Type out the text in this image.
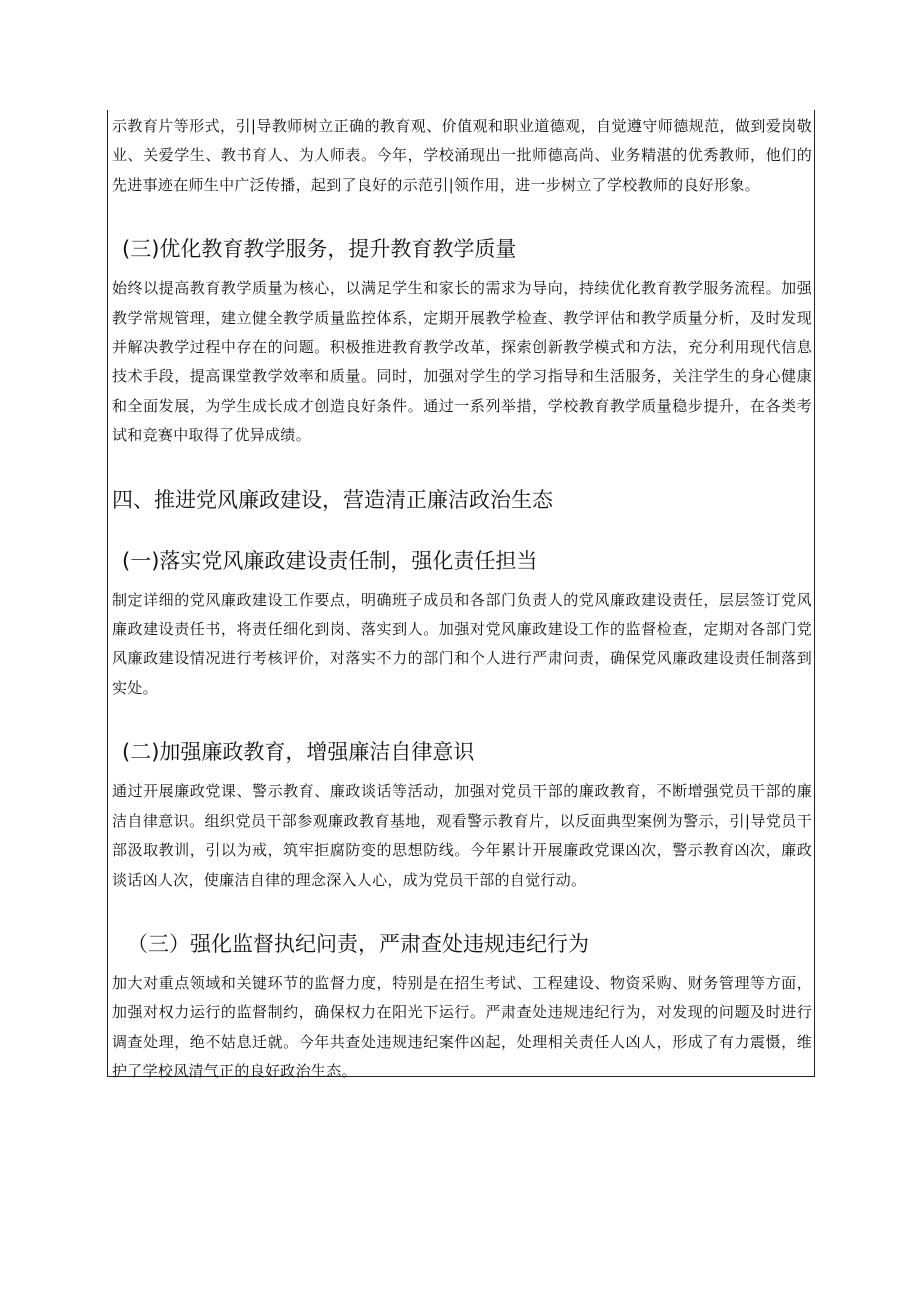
示教育片等形式，引|导教师树立正确的教育观、价值观和职业道德观，自觉遵守师德规范，做到爱岗敬业、关爱学生、教书育人、为人师表。今年，学校涌现出一批师德高尚、业务精湛的优秀教师，他们的先进事迹在师生中广泛传播，起到了良好的示范引|领作用，进一步树立了学校教师的良好形象。

(三)优化教育教学服务，提升教育教学质量

始终以提高教育教学质量为核心，以满足学生和家长的需求为导向，持续优化教育教学服务流程。加强教学常规管理，建立健全教学质量监控体系，定期开展教学检查、教学评估和教学质量分析，及时发现并解决教学过程中存在的问题。积极推进教育教学改革，探索创新教学模式和方法，充分利用现代信息技术手段，提高课堂教学效率和质量。同时，加强对学生的学习指导和生活服务，关注学生的身心健康和全面发展，为学生成长成才创造良好条件。通过一系列举措，学校教育教学质量稳步提升，在各类考试和竞赛中取得了优异成绩。

四、推进党风廉政建设，营造清正廉洁政治生态

(一)落实党风廉政建设责任制，强化责任担当

制定详细的党风廉政建设工作要点，明确班子成员和各部门负责人的党风廉政建设责任，层层签订党风廉政建设责任书，将责任细化到岗、落实到人。加强对党风廉政建设工作的监督检查，定期对各部门党风廉政建设情况进行考核评价，对落实不力的部门和个人进行严肃问责，确保党风廉政建设责任制落到实处。

(二)加强廉政教育，增强廉洁自律意识

通过开展廉政党课、警示教育、廉政谈话等活动，加强对党员干部的廉政教育，不断增强党员干部的廉洁自律意识。组织党员干部参观廉政教育基地，观看警示教育片，以反面典型案例为警示，引|导党员干部汲取教训，引以为戒，筑牢拒腐防变的思想防线。今年累计开展廉政党课凶次，警示教育凶次，廉政谈话凶人次，使廉洁自律的理念深入人心，成为党员干部的自觉行动。

（三）强化监督执纪问责，严肃查处违规违纪行为

加大对重点领域和关键环节的监督力度，特别是在招生考试、工程建设、物资采购、财务管理等方面，加强对权力运行的监督制约，确保权力在阳光下运行。严肃查处违规违纪行为，对发现的问题及时进行调查处理，绝不姑息迁就。今年共查处违规违纪案件凶起，处理相关责任人凶人，形成了有力震慑，维护了学校风清气正的良好政治生态。
